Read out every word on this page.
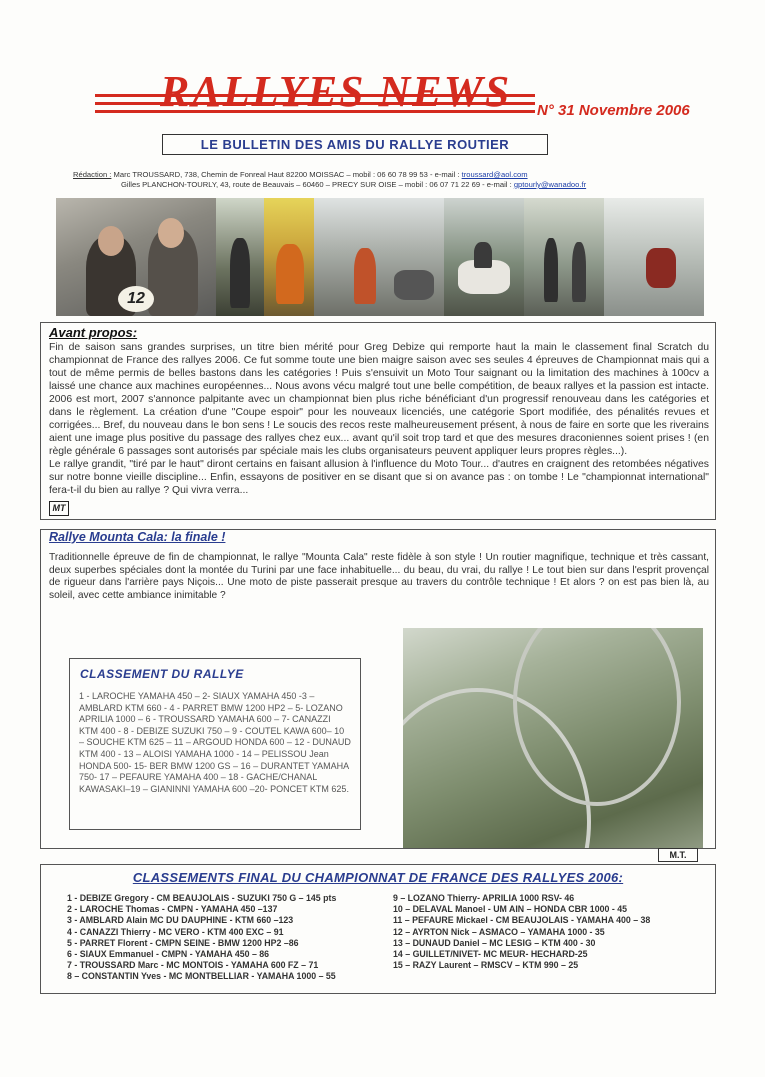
RALLYES NEWS N° 31 Novembre 2006
LE BULLETIN DES AMIS DU RALLYE ROUTIER
Rédaction : Marc TROUSSARD, 738, Chemin de Fonreal Haut 82200 MOISSAC – mobil : 06 60 78 99 53 - e-mail : troussard@aol.com
Gilles PLANCHON-TOURLY, 43, route de Beauvais – 60460 – PRECY SUR OISE – mobil : 06 07 71 22 69 - e-mail : gptourly@wanadoo.fr
12
Avant propos:
Fin de saison sans grandes surprises, un titre bien mérité pour Greg Debize qui remporte haut la main le classement final Scratch du championnat de France des rallyes 2006. Ce fut somme toute une bien maigre saison avec ses seules 4 épreuves de Championnat mais qui a tout de même permis de belles bastons dans les catégories ! Puis s'ensuivit un Moto Tour saignant ou la limitation des machines à 100cv a laissé une chance aux machines européennes... Nous avons vécu malgré tout une belle compétition, de beaux rallyes et la passion est intacte. 2006 est mort, 2007 s'annonce palpitante avec un championnat bien plus riche bénéficiant d'un progressif renouveau dans les catégories et dans le règlement. La création d'une "Coupe espoir" pour les nouveaux licenciés, une catégorie Sport modifiée, des pénalités revues et corrigées... Bref, du nouveau dans le bon sens ! Le soucis des recos reste malheureusement présent, à nous de faire en sorte que les riverains aient une image plus positive du passage des rallyes chez eux... avant qu'il soit trop tard et que des mesures draconiennes soient prises ! (en règle générale 6 passages sont autorisés par spéciale mais les clubs organisateurs peuvent appliquer leurs propres règles...).
Le rallye grandit, "tiré par le haut" diront certains en faisant allusion à l'influence du Moto Tour... d'autres en craignent des retombées négatives sur notre bonne vieille discipline... Enfin, essayons de positiver en se disant que si on avance pas : on tombe ! Le "championnat international" fera-t-il du bien au rallye ? Qui vivra verra...
MT
Rallye Mounta Cala: la finale !
Traditionnelle épreuve de fin de championnat, le rallye "Mounta Cala" reste fidèle à son style ! Un routier magnifique, technique et très cassant, deux superbes spéciales dont la montée du Turini par une face inhabituelle... du beau, du vrai, du rallye ! Le tout bien sur dans l'esprit provençal de rigueur dans l'arrière pays Niçois... Une moto de piste passerait presque au travers du contrôle technique ! Et alors ? on est pas bien là, au soleil, avec cette ambiance inimitable ?
CLASSEMENT DU RALLYE
1 - LAROCHE YAMAHA 450 – 2- SIAUX YAMAHA 450 -3 – AMBLARD KTM 660 - 4 - PARRET BMW 1200 HP2 – 5- LOZANO APRILIA 1000 – 6 - TROUSSARD YAMAHA 600 – 7- CANAZZI KTM 400 - 8 - DEBIZE SUZUKI 750 – 9 - COUTEL KAWA 600– 10 – SOUCHE KTM 625 – 11 – ARGOUD HONDA 600 – 12 - DUNAUD KTM 400 - 13 – ALOISI YAMAHA 1000 - 14 – PELISSOU Jean HONDA 500- 15- BER BMW 1200 GS – 16 – DURANTET YAMAHA 750- 17 – PEFAURE YAMAHA 400 – 18 - GACHE/CHANAL KAWASAKI–19 – GIANINNI YAMAHA 600 –20- PONCET KTM 625.
M.T.
CLASSEMENTS FINAL DU CHAMPIONNAT DE FRANCE DES RALLYES 2006:
1 - DEBIZE Gregory - CM BEAUJOLAIS - SUZUKI 750 G – 145 pts
2 - LAROCHE Thomas - CMPN - YAMAHA 450 –137
3 - AMBLARD Alain MC DU DAUPHINE - KTM 660 –123
4 - CANAZZI Thierry - MC VERO - KTM 400 EXC – 91
5 - PARRET Florent - CMPN SEINE - BMW 1200 HP2 –86
6 - SIAUX Emmanuel - CMPN - YAMAHA 450 – 86
7 - TROUSSARD Marc - MC MONTOIS - YAMAHA 600 FZ – 71
8 – CONSTANTIN Yves - MC MONTBELLIAR - YAMAHA 1000 – 55
9 – LOZANO Thierry- APRILIA 1000 RSV- 46
10 – DELAVAL Manoel - UM AIN – HONDA CBR 1000 - 45
11 – PEFAURE Mickael - CM BEAUJOLAIS - YAMAHA 400 – 38
12 – AYRTON Nick – ASMACO – YAMAHA 1000 - 35
13 – DUNAUD Daniel – MC LESIG – KTM 400 - 30
14 – GUILLET/NIVET- MC MEUR- HECHARD-25
15 – RAZY Laurent – RMSCV – KTM 990 – 25
